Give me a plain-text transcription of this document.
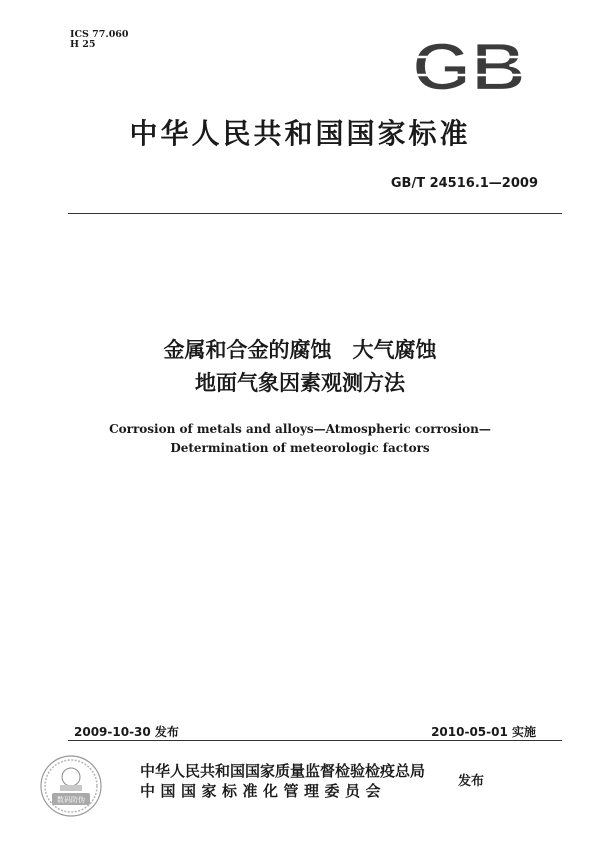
ICS 77.060
H 25	GB
中华人民共和国国家标准
GB/T 24516.1—2009
金属和合金的腐蚀　大气腐蚀
地面气象因素观测方法
Corrosion of metals and alloys—Atmospheric corrosion—
Determination of meteorologic factors
2009-10-30 发布	2010-05-01 实施
数码防伪
中华人民共和国国家质量监督检验检疫总局
中国国家标准化管理委员会
发布
